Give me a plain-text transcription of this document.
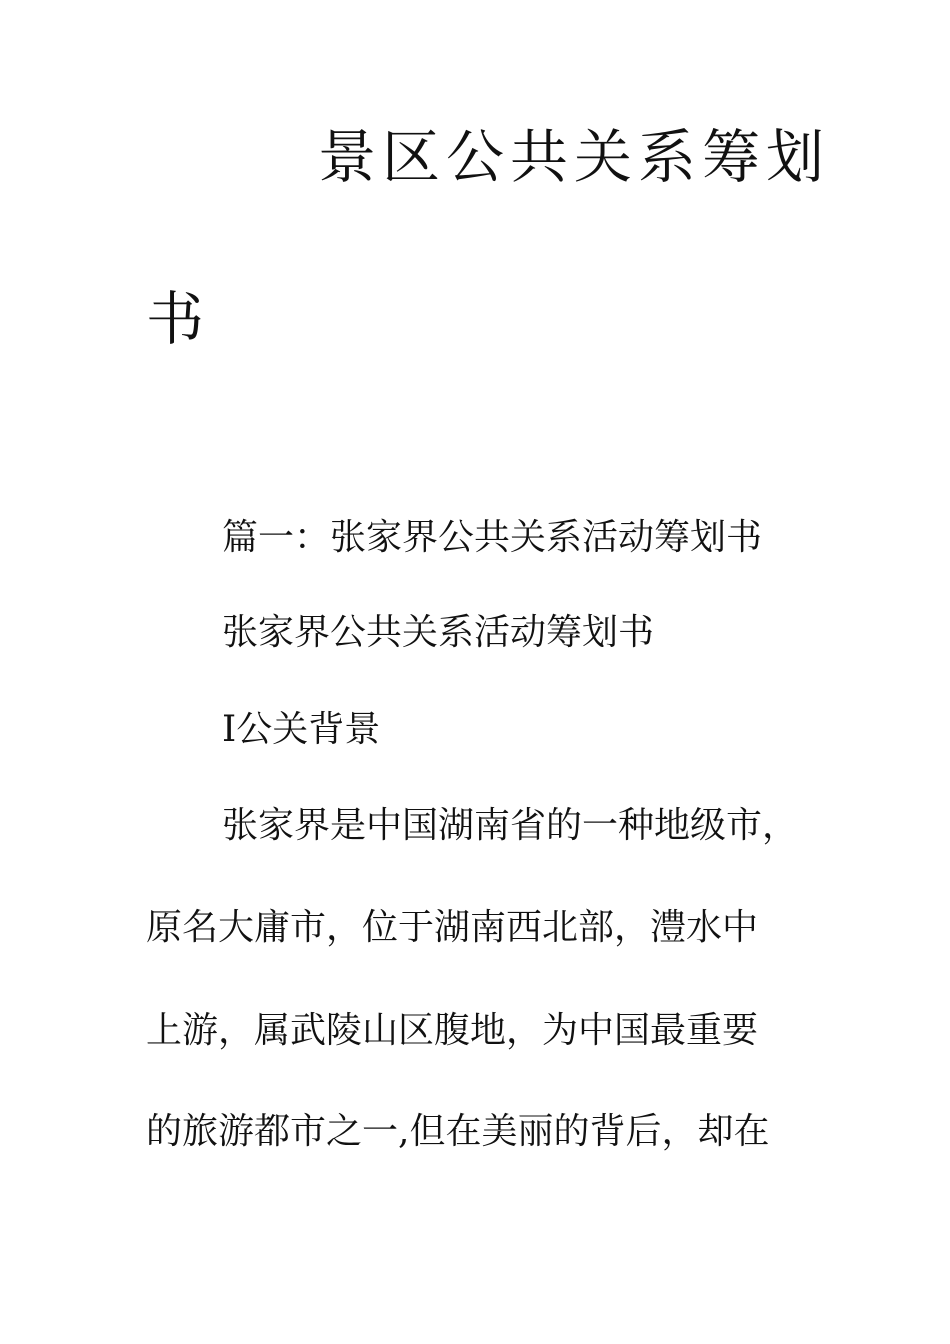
景区公共关系筹划
书
篇一：张家界公共关系活动筹划书
张家界公共关系活动筹划书
Ⅰ公关背景
张家界是中国湖南省的一种地级市，
原名大庸市，位于湖南西北部，澧水中
上游，属武陵山区腹地，为中国最重要
的旅游都市之一,但在美丽的背后，却在
